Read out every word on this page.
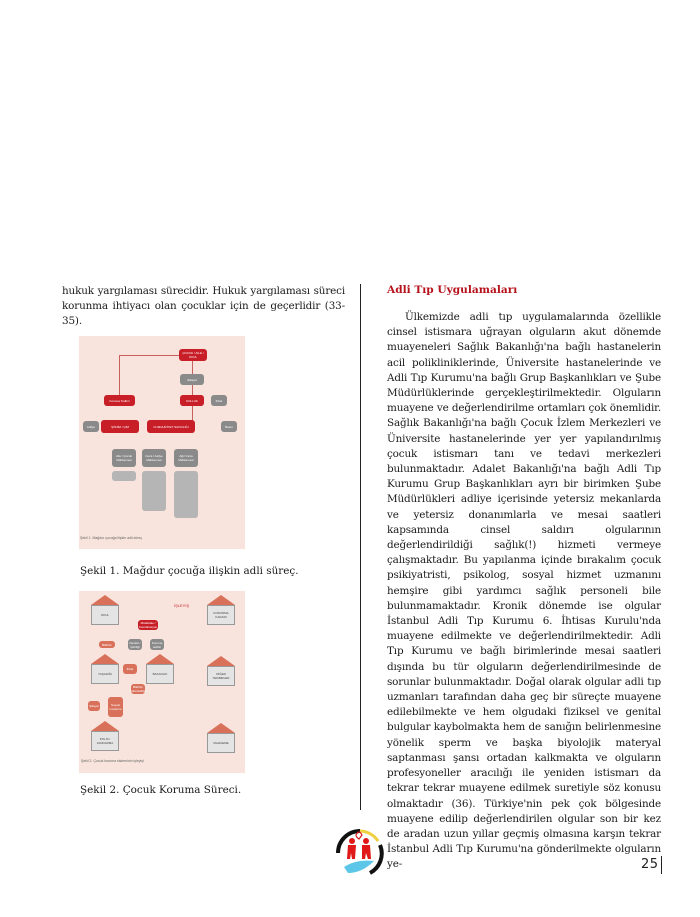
hukuk yargılaması sürecidir. Hukuk yargılaması süreci korunma ihtiyacı olan çocuklar için de geçerlidir (33-35).

ÇOCUK / AİLE / OKUL
Şikayet
Koruma Tedbiri	KOLLUK	İhbar
Adliye	ŞÖNİM / ÇİM	CUMHURİYET SAVCILIĞI	Basın
Aile / Çocuk Mahkemesi
Ceza / Asliye Mahkemesi
Ağır Ceza Mahkemesi
Şekil 1. Mağdur çocuğa ilişkin adli süreç
Şekil 1. Mağdur çocuğa ilişkin adli süreç.
İŞLEYİŞ
OKUL
YAŞADIĞI	BAKANLIK
POLİS / JANDARMA
KORUNMA KARARI
DİĞER TEDBİRLER
MAHKEME
Müdahale / Koordinasyon
Bildirim	Destek / İşbirliği
Koruma tedbiri
İhbar
Bildirim yükümlülüğü
Şikayet	Sosyal inceleme
Şekil 2. Çocuk koruma sisteminin işleyişi
Şekil 2. Çocuk Koruma Süreci.
Adli Tıp Uygulamaları

Ülkemizde adli tıp uygulamalarında özellikle cinsel istismara uğrayan olguların akut dönemde muayeneleri Sağlık Bakanlığı'na bağlı hastanelerin acil polikliniklerinde, Üniversite hastanelerinde ve Adli Tıp Kurumu'na bağlı Grup Başkanlıkları ve Şube Müdürlüklerinde gerçekleştirilmektedir. Olguların muayene ve değerlendirilme ortamları çok önemlidir. Sağlık Bakanlığı'na bağlı Çocuk İzlem Merkezleri ve Üniversite hastanelerinde yer yer yapılandırılmış çocuk istismarı tanı ve tedavi merkezleri bulunmaktadır. Adalet Bakanlığı'na bağlı Adli Tıp Kurumu Grup Başkanlıkları ayrı bir birimken Şube Müdürlükleri adliye içerisinde yetersiz mekanlarda ve yetersiz donanımlarla ve mesai saatleri kapsamında cinsel saldırı olgularının değerlendirildiği sağlık(!) hizmeti vermeye çalışmaktadır. Bu yapılanma içinde bırakalım çocuk psikiyatristi, psikolog, sosyal hizmet uzmanını hemşire gibi yardımcı sağlık personeli bile bulunmamaktadır. Kronik dönemde ise olgular İstanbul Adli Tıp Kurumu 6. İhtisas Kurulu'nda muayene edilmekte ve değerlendirilmektedir. Adli Tıp Kurumu ve bağlı birimlerinde mesai saatleri dışında bu tür olguların değerlendirilmesinde de sorunlar bulunmaktadır. Doğal olarak olgular adli tıp uzmanları tarafından daha geç bir süreçte muayene edilebilmekte ve hem olgudaki fiziksel ve genital bulgular kaybolmakta hem de sanığın belirlenmesine yönelik sperm ve başka biyolojik materyal saptanması şansı ortadan kalkmakta ve olguların profesyoneller aracılığı ile yeniden istismarı da tekrar tekrar muayene edilmek suretiyle söz konusu olmaktadır (36). Türkiye'nin pek çok bölgesinde muayene edilip değerlendirilen olgular son bir kez de aradan uzun yıllar geçmiş olmasına karşın tekrar İstanbul Adli Tıp Kurumu'na gönderilmekte olguların ye-	25
